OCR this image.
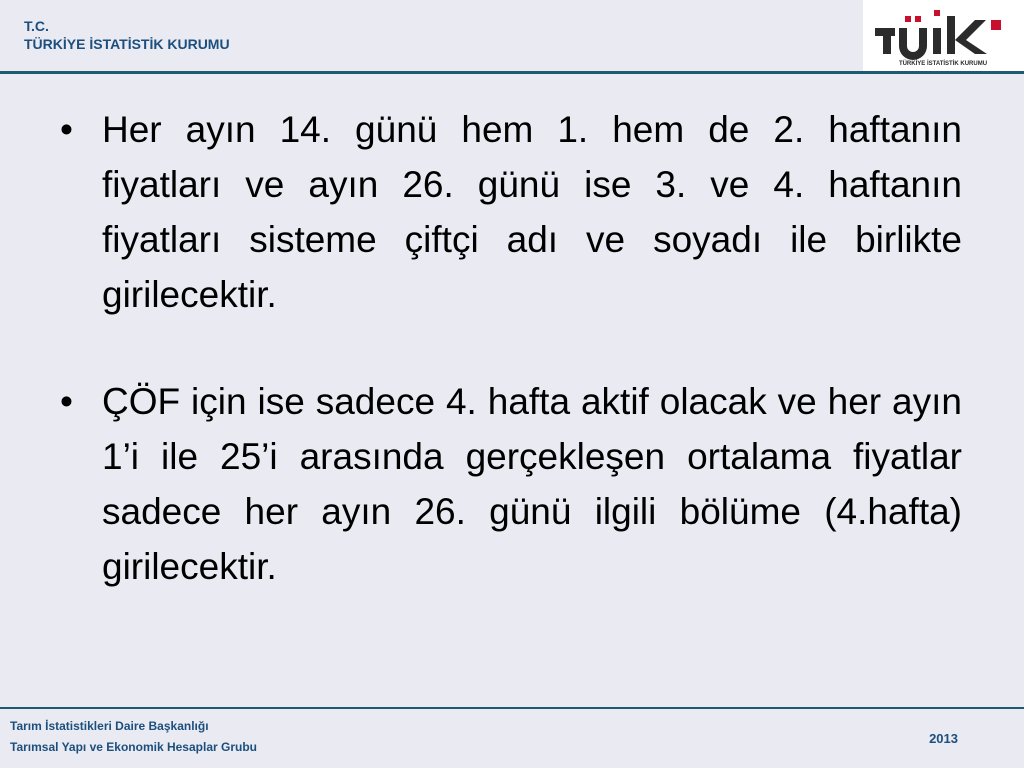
T.C.
TÜRKİYE İSTATİSTİK KURUMU
TÜRKİYE İSTATİSTİK KURUMU
• Her ayın 14. günü hem 1. hem de 2. haftanın fiyatları ve ayın 26. günü ise 3. ve 4. haftanın fiyatları sisteme çiftçi adı ve soyadı ile birlikte girilecektir.
• ÇÖF için ise sadece 4. hafta aktif olacak ve her ayın 1’i ile 25’i arasında gerçekleşen ortalama fiyatlar sadece her ayın 26. günü ilgili bölüme (4.hafta) girilecektir.
Tarım İstatistikleri Daire Başkanlığı
Tarımsal Yapı ve Ekonomik Hesaplar Grubu
2013
